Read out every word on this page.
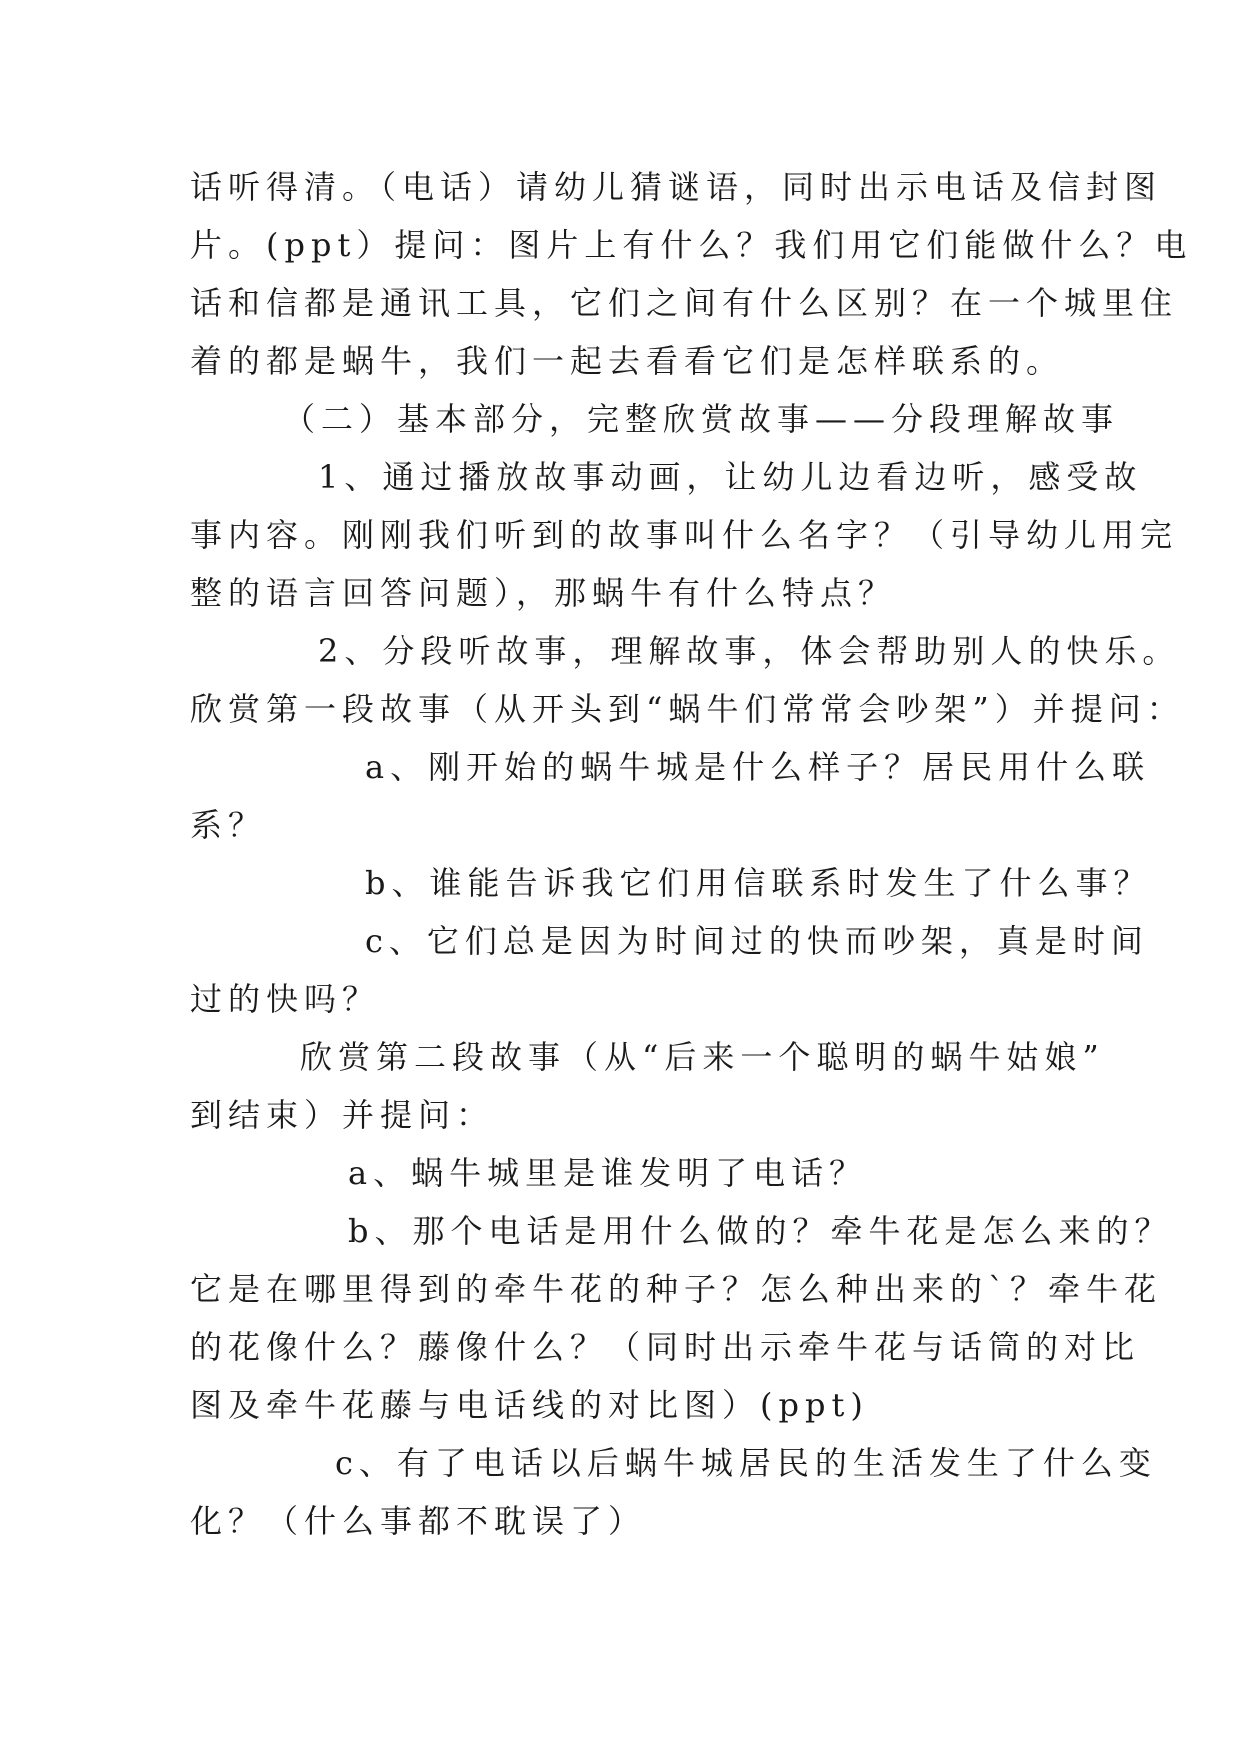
话听得清。（电话）请幼儿猜谜语，同时出示电话及信封图
片。(ppt）提问：图片上有什么？我们用它们能做什么？电
话和信都是通讯工具，它们之间有什么区别？在一个城里住
着的都是蜗牛，我们一起去看看它们是怎样联系的。
（二）基本部分，完整欣赏故事——分段理解故事
1、通过播放故事动画，让幼儿边看边听，感受故
事内容。刚刚我们听到的故事叫什么名字？（引导幼儿用完
整的语言回答问题），那蜗牛有什么特点？
2、分段听故事，理解故事，体会帮助别人的快乐。
欣赏第一段故事（从开头到“蜗牛们常常会吵架”）并提问：
a、刚开始的蜗牛城是什么样子？居民用什么联
系？
b、谁能告诉我它们用信联系时发生了什么事？
c、它们总是因为时间过的快而吵架，真是时间
过的快吗？
欣赏第二段故事（从“后来一个聪明的蜗牛姑娘”
到结束）并提问：
a、蜗牛城里是谁发明了电话？
b、那个电话是用什么做的？牵牛花是怎么来的？
它是在哪里得到的牵牛花的种子？怎么种出来的`？牵牛花
的花像什么？藤像什么？（同时出示牵牛花与话筒的对比
图及牵牛花藤与电话线的对比图）(ppt)
c、有了电话以后蜗牛城居民的生活发生了什么变
化？（什么事都不耽误了）
